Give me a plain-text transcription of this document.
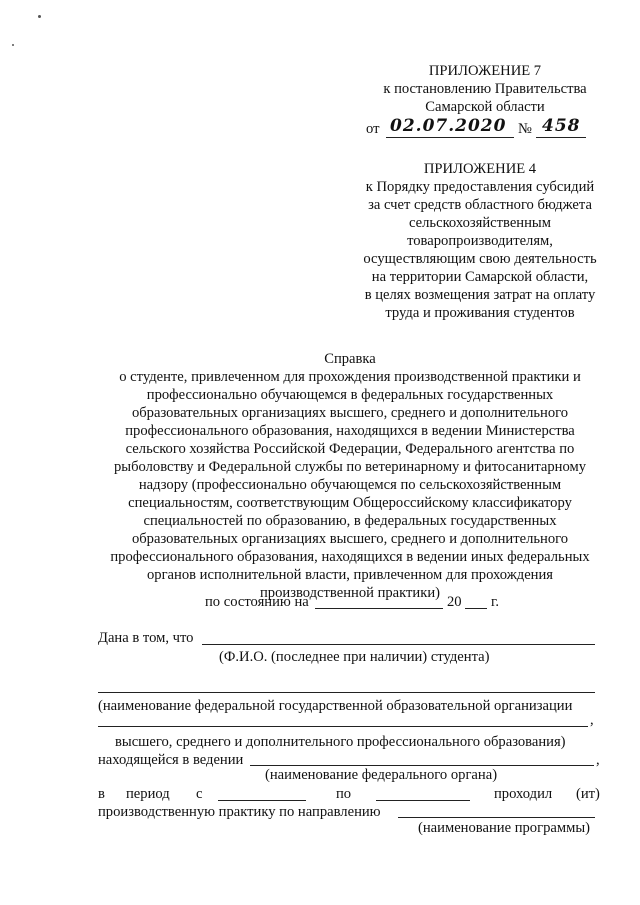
ПРИЛОЖЕНИЕ 7
к постановлению Правительства
Самарской области
от 02.07.2020 № 458
ПРИЛОЖЕНИЕ 4
к Порядку предоставления субсидий
за счет средств областного бюджета
сельскохозяйственным
товаропроизводителям,
осуществляющим свою деятельность
на территории Самарской области,
в целях возмещения затрат на оплату
труда и проживания студентов
Справка
о студенте, привлеченном для прохождения производственной практики и
профессионально обучающемся в федеральных государственных
образовательных организациях высшего, среднего и дополнительного
профессионального образования, находящихся в ведении Министерства
сельского хозяйства Российской Федерации, Федерального агентства по
рыболовству и Федеральной службы по ветеринарному и фитосанитарному
надзору (профессионально обучающемся по сельскохозяйственным
специальностям, соответствующим Общероссийскому классификатору
специальностей по образованию, в федеральных государственных
образовательных организациях высшего, среднего и дополнительного
профессионального образования, находящихся в ведении иных федеральных
органов исполнительной власти, привлеченном для прохождения
производственной практики)
по состоянию на	20 г.
Дана в том, что
(Ф.И.О. (последнее при наличии) студента)
(наименование федеральной государственной образовательной организации
,
высшего, среднего и дополнительного профессионального образования)
находящейся в ведении	,
(наименование федерального органа)
в период с	по	проходил (ит)
производственную практику по направлению
(наименование программы)
